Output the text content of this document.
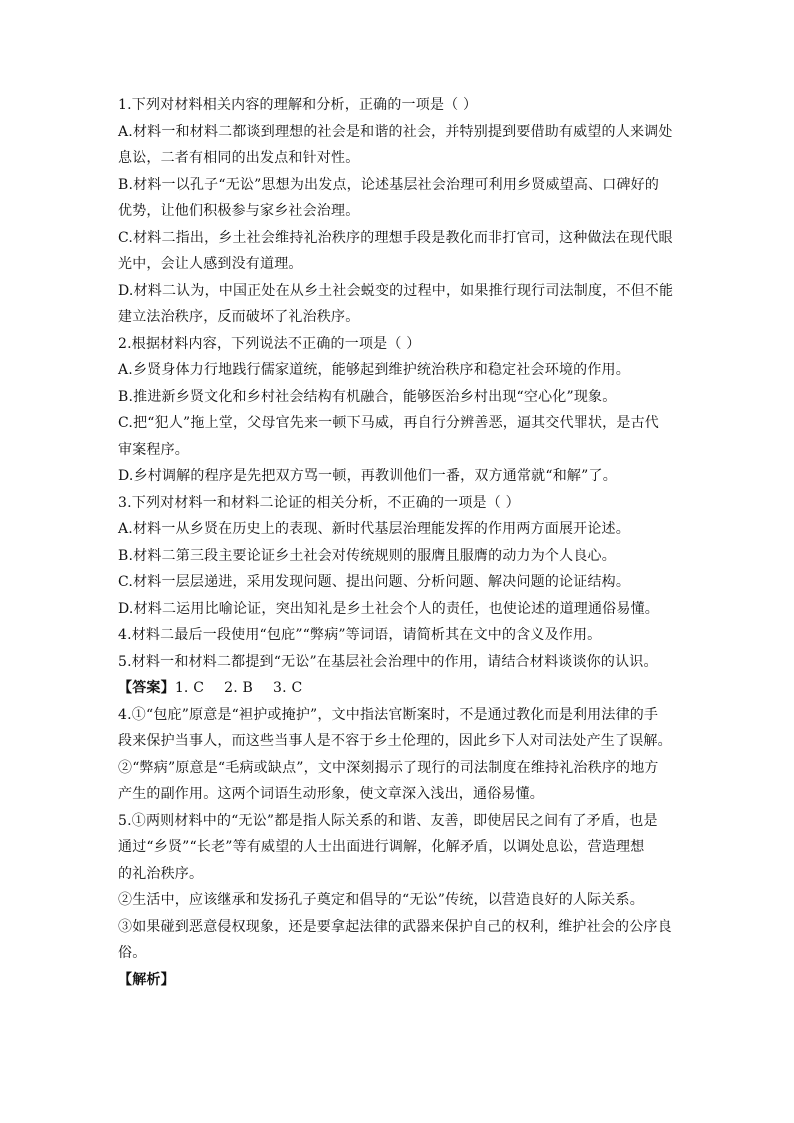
1.下列对材料相关内容的理解和分析，正确的一项是（ ）
A.材料一和材料二都谈到理想的社会是和谐的社会，并特别提到要借助有威望的人来调处
息讼，二者有相同的出发点和针对性。
B.材料一以孔子“无讼”思想为出发点，论述基层社会治理可利用乡贤威望高、口碑好的
优势，让他们积极参与家乡社会治理。
C.材料二指出，乡土社会维持礼治秩序的理想手段是教化而非打官司，这种做法在现代眼
光中，会让人感到没有道理。
D.材料二认为，中国正处在从乡土社会蜕变的过程中，如果推行现行司法制度，不但不能
建立法治秩序，反而破坏了礼治秩序。
2.根据材料内容，下列说法不正确的一项是（ ）
A.乡贤身体力行地践行儒家道统，能够起到维护统治秩序和稳定社会环境的作用。
B.推进新乡贤文化和乡村社会结构有机融合，能够医治乡村出现“空心化”现象。
C.把“犯人”拖上堂，父母官先来一顿下马威，再自行分辨善恶，逼其交代罪状，是古代
审案程序。
D.乡村调解的程序是先把双方骂一顿，再教训他们一番，双方通常就“和解”了。
3.下列对材料一和材料二论证的相关分析，不正确的一项是（ ）
A.材料一从乡贤在历史上的表现、新时代基层治理能发挥的作用两方面展开论述。
B.材料二第三段主要论证乡土社会对传统规则的服膺且服膺的动力为个人良心。
C.材料一层层递进，采用发现问题、提出问题、分析问题、解决问题的论证结构。
D.材料二运用比喻论证，突出知礼是乡土社会个人的责任，也使论述的道理通俗易懂。
4.材料二最后一段使用“包庇”“弊病”等词语，请简析其在文中的含义及作用。
5.材料一和材料二都提到“无讼”在基层社会治理中的作用，请结合材料谈谈你的认识。
【答案】1. C 2. B 3. C
4.①“包庇”原意是“袒护或掩护”，文中指法官断案时，不是通过教化而是利用法律的手
段来保护当事人，而这些当事人是不容于乡土伦理的，因此乡下人对司法处产生了误解。
②“弊病”原意是“毛病或缺点”，文中深刻揭示了现行的司法制度在维持礼治秩序的地方
产生的副作用。这两个词语生动形象，使文章深入浅出，通俗易懂。
5.①两则材料中的“无讼”都是指人际关系的和谐、友善，即使居民之间有了矛盾，也是
通过“乡贤”“长老”等有威望的人士出面进行调解，化解矛盾，以调处息讼，营造理想
的礼治秩序。
②生活中，应该继承和发扬孔子奠定和倡导的“无讼”传统，以营造良好的人际关系。
③如果碰到恶意侵权现象，还是要拿起法律的武器来保护自己的权利，维护社会的公序良
俗。
【解析】
